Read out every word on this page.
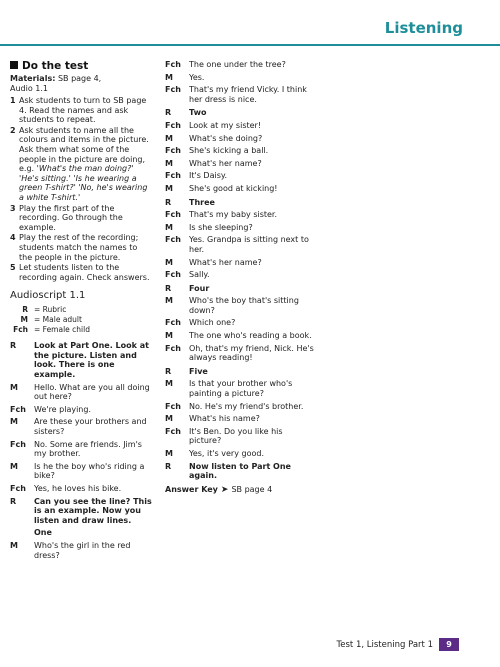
Listening
Do the test
Materials: SB page 4,
Audio 1.1
1 Ask students to turn to SB page 4. Read the names and ask students to repeat.
2 Ask students to name all the colours and items in the picture. Ask them what some of the people in the picture are doing, e.g. 'What's the man doing?' 'He's sitting.' 'Is he wearing a green T-shirt?' 'No, he's wearing a white T-shirt.'
3 Play the first part of the recording. Go through the example.
4 Play the rest of the recording; students match the names to the people in the picture.
5 Let students listen to the recording again. Check answers.
Audioscript 1.1
R = Rubric
M = Male adult
Fch = Female child
R	Look at Part One. Look at the picture. Listen and look. There is one example.
M	Hello. What are you all doing out here?
Fch	We're playing.
M	Are these your brothers and sisters?
Fch	No. Some are friends. Jim's my brother.
M	Is he the boy who's riding a bike?
Fch	Yes, he loves his bike.
R	Can you see the line? This is an example. Now you listen and draw lines.
One
M	Who's the girl in the red dress?
Fch	The one under the tree?
M	Yes.
Fch	That's my friend Vicky. I think her dress is nice.
R	Two
Fch	Look at my sister!
M	What's she doing?
Fch	She's kicking a ball.
M	What's her name?
Fch	It's Daisy.
M	She's good at kicking!
R	Three
Fch	That's my baby sister.
M	Is she sleeping?
Fch	Yes. Grandpa is sitting next to her.
M	What's her name?
Fch	Sally.
R	Four
M	Who's the boy that's sitting down?
Fch	Which one?
M	The one who's reading a book.
Fch	Oh, that's my friend, Nick. He's always reading!
R	Five
M	Is that your brother who's painting a picture?
Fch	No. He's my friend's brother.
M	What's his name?
Fch	It's Ben. Do you like his picture?
M	Yes, it's very good.
R	Now listen to Part One again.
Answer Key ➤ SB page 4
Test 1, Listening Part 1	9
